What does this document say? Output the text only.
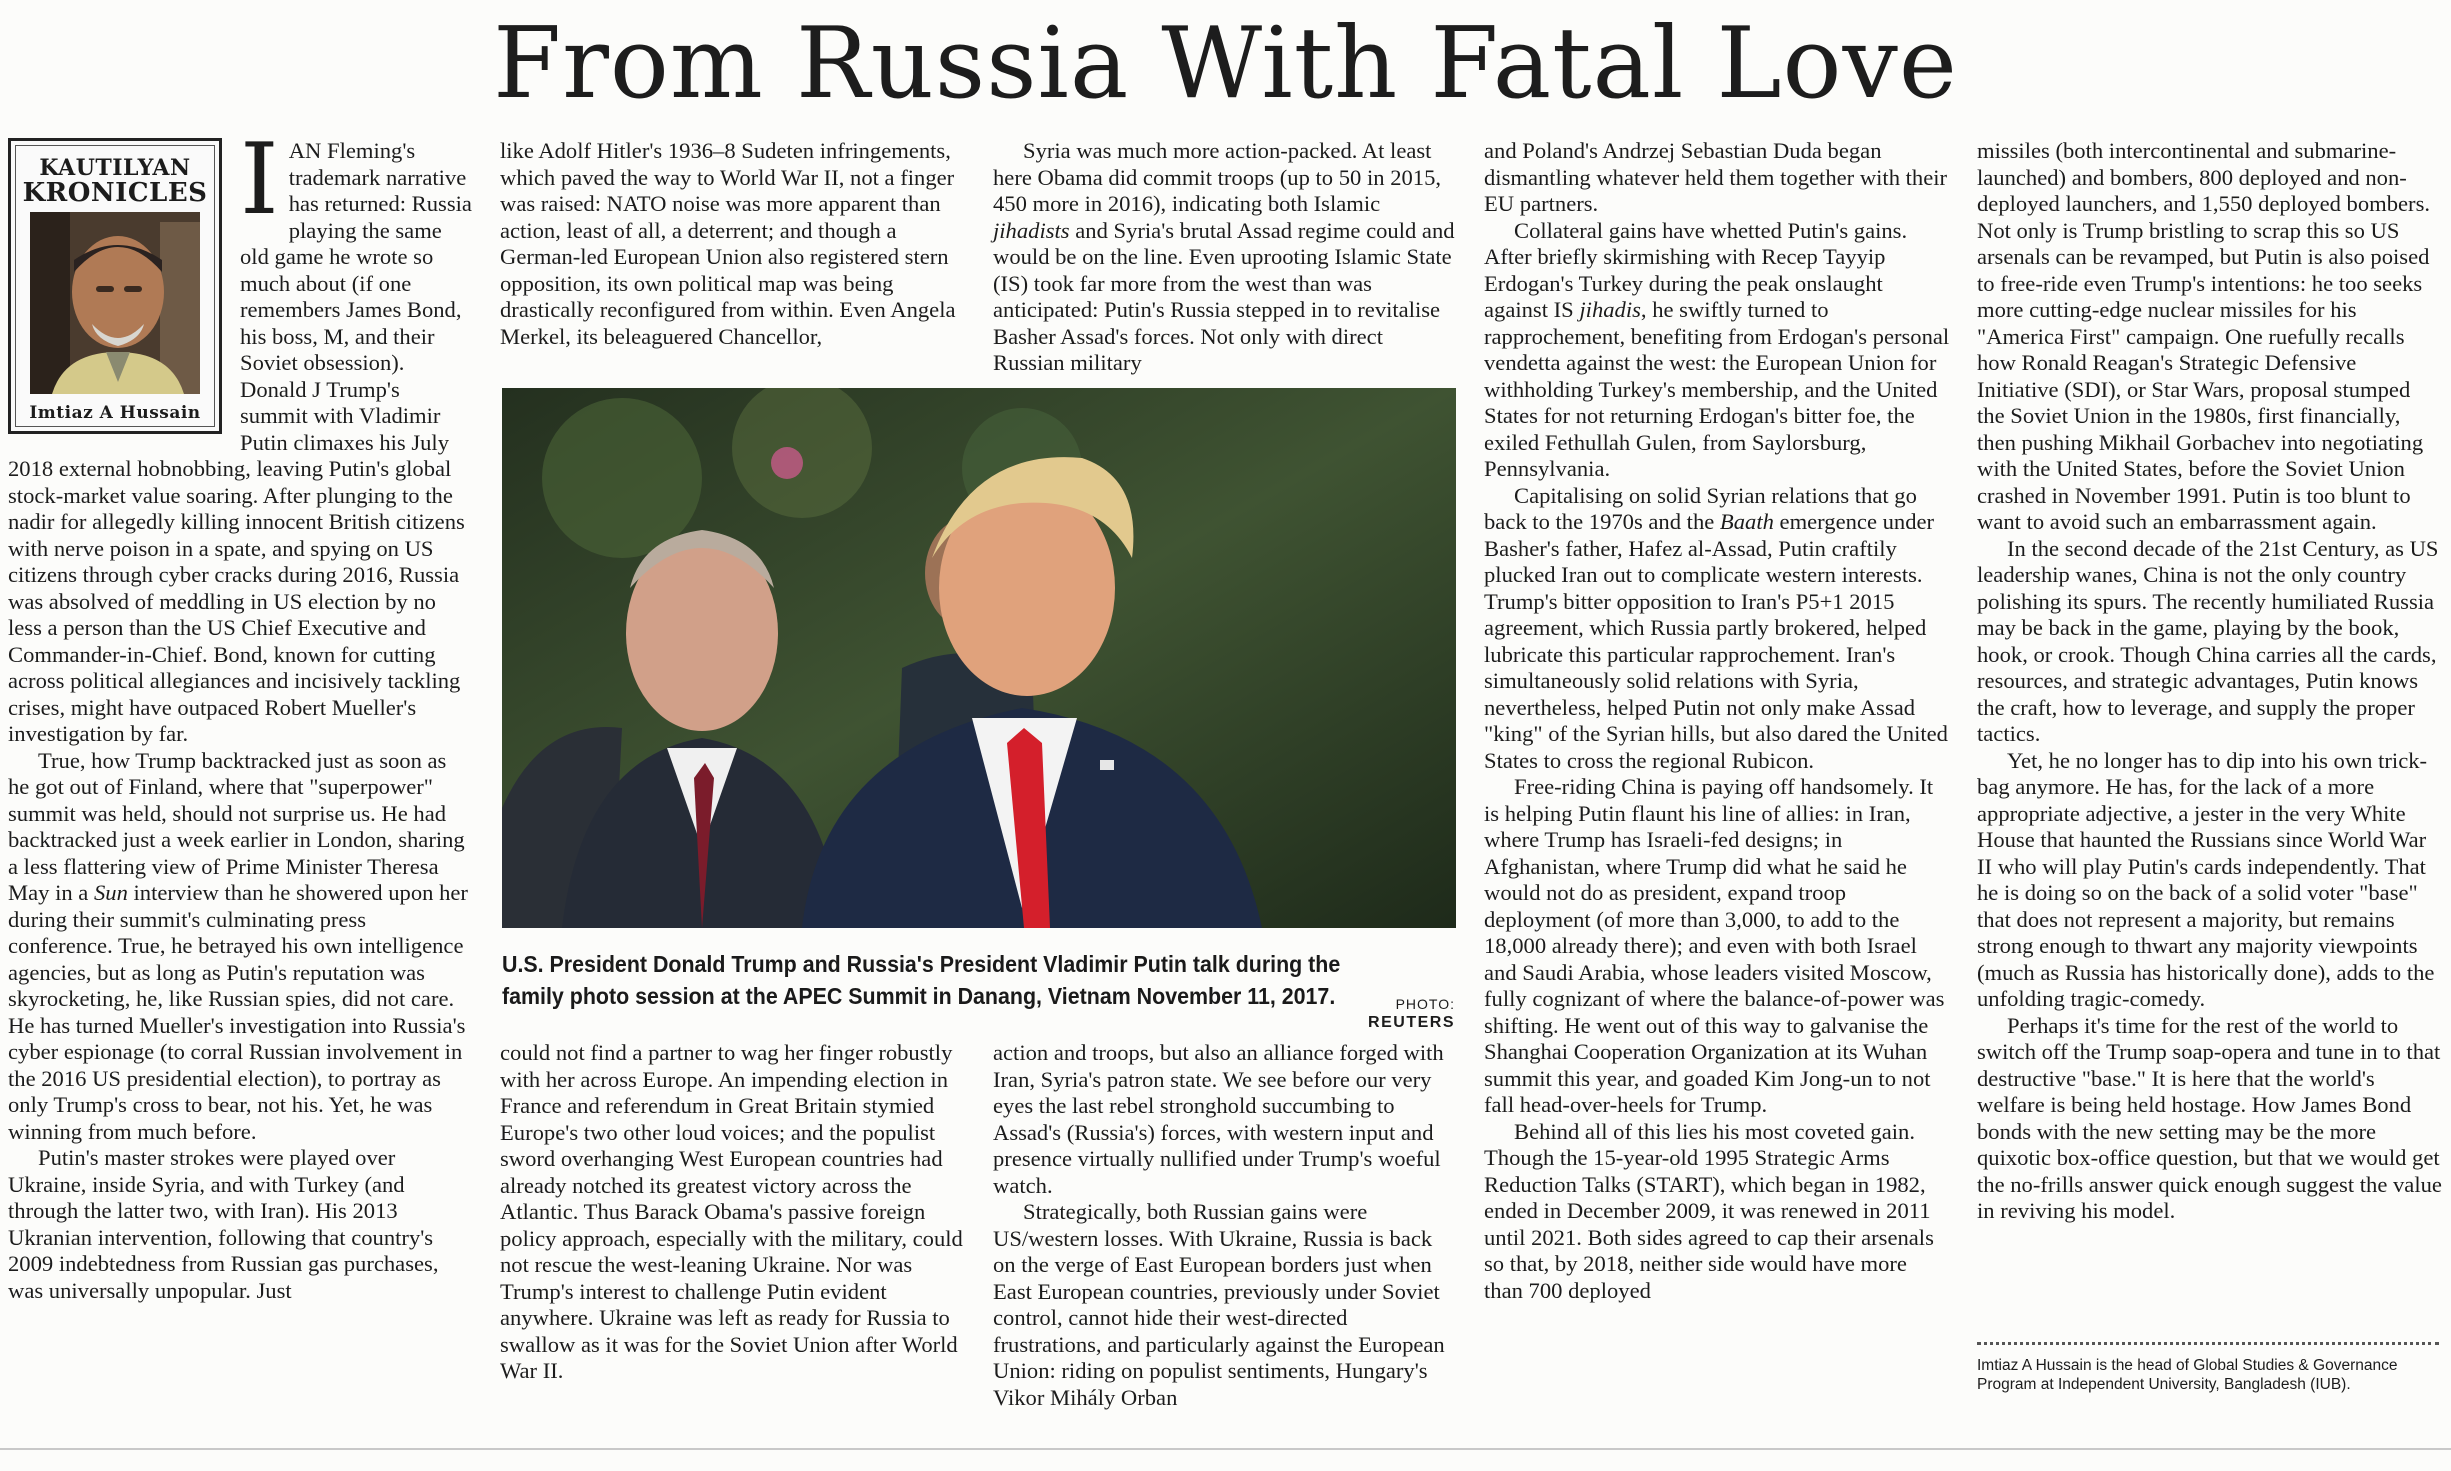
From Russia With Fatal Love
KAUTILYAN
KRONICLES
Imtiaz A Hussain
I AN Fleming's trademark narrative has returned: Russia playing the same old game he wrote so much about (if one remembers James Bond, his boss, M, and their Soviet obsession). Donald J Trump's summit with Vladimir Putin climaxes his July 2018 external hobnobbing, leaving Putin's global stock-market value soaring. After plunging to the nadir for allegedly killing innocent British citizens with nerve poison in a spate, and spying on US citizens through cyber cracks during 2016, Russia was absolved of meddling in US election by no less a person than the US Chief Executive and Commander-in-Chief. Bond, known for cutting across political allegiances and incisively tackling crises, might have outpaced Robert Mueller's investigation by far.

True, how Trump backtracked just as soon as he got out of Finland, where that "superpower" summit was held, should not surprise us. He had backtracked just a week earlier in London, sharing a less flattering view of Prime Minister Theresa May in a Sun interview than he showered upon her during their summit's culminating press conference. True, he betrayed his own intelligence agencies, but as long as Putin's reputation was skyrocketing, he, like Russian spies, did not care. He has turned Mueller's investigation into Russia's cyber espionage (to corral Russian involvement in the 2016 US presidential election), to portray as only Trump's cross to bear, not his. Yet, he was winning from much before.

Putin's master strokes were played over Ukraine, inside Syria, and with Turkey (and through the latter two, with Iran). His 2013 Ukranian intervention, following that country's 2009 indebtedness from Russian gas purchases, was universally unpopular. Just

like Adolf Hitler's 1936–8 Sudeten infringements, which paved the way to World War II, not a finger was raised: NATO noise was more apparent than action, least of all, a deterrent; and though a German-led European Union also registered stern opposition, its own political map was being drastically reconfigured from within. Even Angela Merkel, its beleaguered Chancellor,

Syria was much more action-packed. At least here Obama did commit troops (up to 50 in 2015, 450 more in 2016), indicating both Islamic jihadists and Syria's brutal Assad regime could and would be on the line. Even uprooting Islamic State (IS) took far more from the west than was anticipated: Putin's Russia stepped in to revitalise Basher Assad's forces. Not only with direct Russian military

U.S. President Donald Trump and Russia's President Vladimir Putin talk during the family photo session at the APEC Summit in Danang, Vietnam November 11, 2017.	PHOTO: REUTERS

could not find a partner to wag her finger robustly with her across Europe. An impending election in France and referendum in Great Britain stymied Europe's two other loud voices; and the populist sword overhanging West European countries had already notched its greatest victory across the Atlantic. Thus Barack Obama's passive foreign policy approach, especially with the military, could not rescue the west-leaning Ukraine. Nor was Trump's interest to challenge Putin evident anywhere. Ukraine was left as ready for Russia to swallow as it was for the Soviet Union after World War II.

action and troops, but also an alliance forged with Iran, Syria's patron state. We see before our very eyes the last rebel stronghold succumbing to Assad's (Russia's) forces, with western input and presence virtually nullified under Trump's woeful watch.

Strategically, both Russian gains were US/western losses. With Ukraine, Russia is back on the verge of East European borders just when East European countries, previously under Soviet control, cannot hide their west-directed frustrations, and particularly against the European Union: riding on populist sentiments, Hungary's Vikor Mihály Orban

and Poland's Andrzej Sebastian Duda began dismantling whatever held them together with their EU partners.

Collateral gains have whetted Putin's gains. After briefly skirmishing with Recep Tayyip Erdogan's Turkey during the peak onslaught against IS jihadis, he swiftly turned to rapprochement, benefiting from Erdogan's personal vendetta against the west: the European Union for withholding Turkey's membership, and the United States for not returning Erdogan's bitter foe, the exiled Fethullah Gulen, from Saylorsburg, Pennsylvania.

Capitalising on solid Syrian relations that go back to the 1970s and the Baath emergence under Basher's father, Hafez al-Assad, Putin craftily plucked Iran out to complicate western interests. Trump's bitter opposition to Iran's P5+1 2015 agreement, which Russia partly brokered, helped lubricate this particular rapprochement. Iran's simultaneously solid relations with Syria, nevertheless, helped Putin not only make Assad "king" of the Syrian hills, but also dared the United States to cross the regional Rubicon.

Free-riding China is paying off handsomely. It is helping Putin flaunt his line of allies: in Iran, where Trump has Israeli-fed designs; in Afghanistan, where Trump did what he said he would not do as president, expand troop deployment (of more than 3,000, to add to the 18,000 already there); and even with both Israel and Saudi Arabia, whose leaders visited Moscow, fully cognizant of where the balance-of-power was shifting. He went out of this way to galvanise the Shanghai Cooperation Organization at its Wuhan summit this year, and goaded Kim Jong-un to not fall head-over-heels for Trump.

Behind all of this lies his most coveted gain. Though the 15-year-old 1995 Strategic Arms Reduction Talks (START), which began in 1982, ended in December 2009, it was renewed in 2011 until 2021. Both sides agreed to cap their arsenals so that, by 2018, neither side would have more than 700 deployed

missiles (both intercontinental and submarine-launched) and bombers, 800 deployed and non-deployed launchers, and 1,550 deployed bombers. Not only is Trump bristling to scrap this so US arsenals can be revamped, but Putin is also poised to free-ride even Trump's intentions: he too seeks more cutting-edge nuclear missiles for his "America First" campaign. One ruefully recalls how Ronald Reagan's Strategic Defensive Initiative (SDI), or Star Wars, proposal stumped the Soviet Union in the 1980s, first financially, then pushing Mikhail Gorbachev into negotiating with the United States, before the Soviet Union crashed in November 1991. Putin is too blunt to want to avoid such an embarrassment again.

In the second decade of the 21st Century, as US leadership wanes, China is not the only country polishing its spurs. The recently humiliated Russia may be back in the game, playing by the book, hook, or crook. Though China carries all the cards, resources, and strategic advantages, Putin knows the craft, how to leverage, and supply the proper tactics.

Yet, he no longer has to dip into his own trick-bag anymore. He has, for the lack of a more appropriate adjective, a jester in the very White House that haunted the Russians since World War II who will play Putin's cards independently. That he is doing so on the back of a solid voter "base" that does not represent a majority, but remains strong enough to thwart any majority viewpoints (much as Russia has historically done), adds to the unfolding tragic-comedy.

Perhaps it's time for the rest of the world to switch off the Trump soap-opera and tune in to that destructive "base." It is here that the world's welfare is being held hostage. How James Bond bonds with the new setting may be the more quixotic box-office question, but that we would get the no-frills answer quick enough suggest the value in reviving his model.

Imtiaz A Hussain is the head of Global Studies & Governance Program at Independent University, Bangladesh (IUB).
